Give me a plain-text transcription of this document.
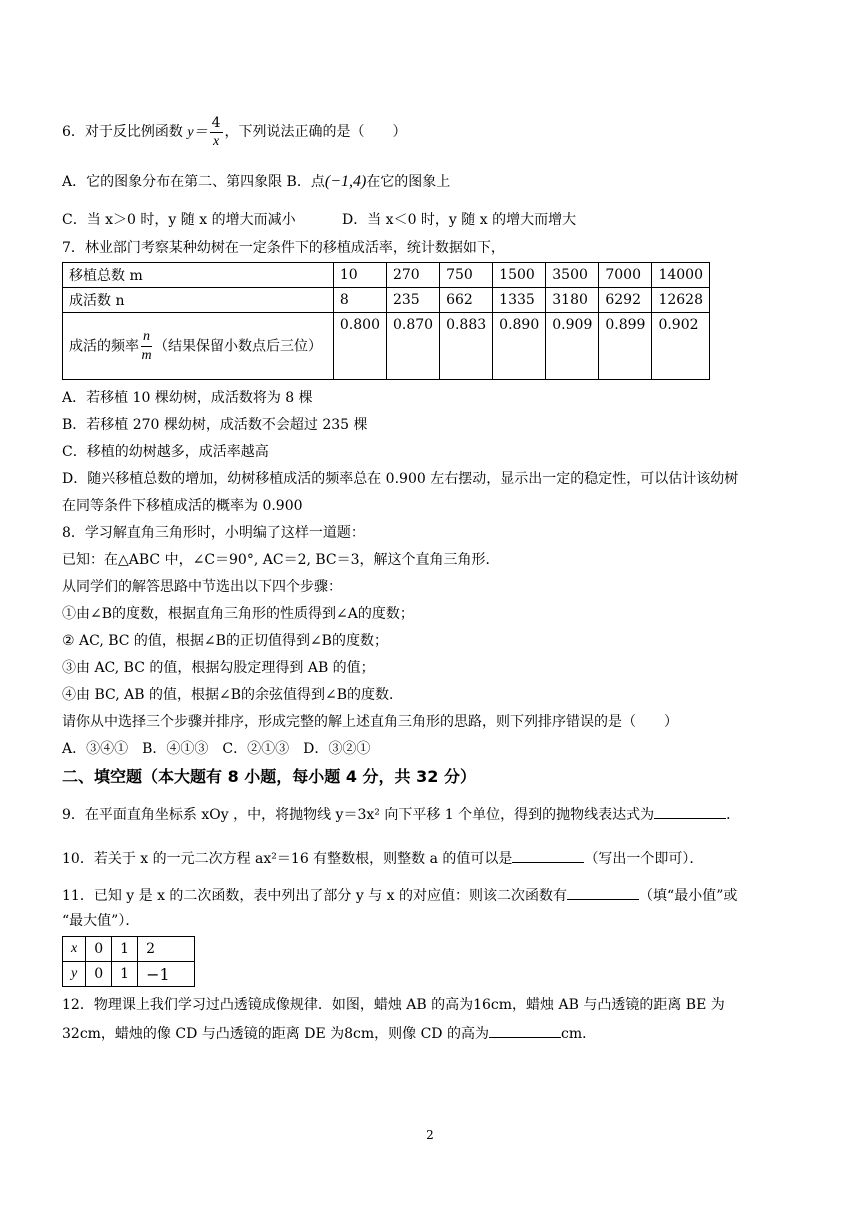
6．对于反比例函数 $y= \frac{4}{x}$ ，下列说法正确的是（　　）
A．它的图象分布在第二、第四象限 B．点(−1,4)在它的图象上
C．当 x＞0 时，y 随 x 的增大而减小	D．当 x＜0 时，y 随 x 的增大而增大
7．林业部门考察某种幼树在一定条件下的移植成活率，统计数据如下，
移植总数 m	10	270	750	1500	3500	7000	14000
成活数 n	8	235	662	1335	3180	6292	12628
成活的频率 $\frac{n}{m}$ （结果保留小数点后三位）	0.800	0.870	0.883	0.890	0.909	0.899	0.902
A．若移植 10 棵幼树，成活数将为 8 棵
B．若移植 270 棵幼树，成活数不会超过 235 棵
C．移植的幼树越多，成活率越高
D．随兴移植总数的增加，幼树移植成活的频率总在 0.900 左右摆动，显示出一定的稳定性，可以估计该幼树
在同等条件下移植成活的概率为 0.900
8．学习解直角三角形时，小明编了这样一道题：
已知：在△ABC 中，∠C＝90°, AC＝2, BC＝3，解这个直角三角形．
从同学们的解答思路中节选出以下四个步骤：
①由∠B的度数，根据直角三角形的性质得到∠A的度数；
② AC, BC 的值，根据∠B的正切值得到∠B的度数；
③由 AC, BC 的值，根据勾股定理得到 AB 的值；
④由 BC, AB 的值，根据∠B的余弦值得到∠B的度数．
请你从中选择三个步骤并排序，形成完整的解上述直角三角形的思路，则下列排序错误的是（　　）
A．③④①　B．④①③　C．②①③　D．③②①
二、填空题（本大题有 8 小题，每小题 4 分，共 32 分）
9．在平面直角坐标系 xOy ，中，将抛物线 y＝3x² 向下平移 1 个单位，得到的抛物线表达式为	．
10．若关于 x 的一元二次方程 ax²＝16 有整数根，则整数 a 的值可以是	（写出一个即可）．
11．已知 y 是 x 的二次函数，表中列出了部分 y 与 x 的对应值：则该二次函数有	（填“最小值”或
“最大值”）．
x	0	1	2
y	0	1	−1
12．物理课上我们学习过凸透镜成像规律．如图，蜡烛 AB 的高为16cm，蜡烛 AB 与凸透镜的距离 BE 为
32cm，蜡烛的像 CD 与凸透镜的距离 DE 为8cm，则像 CD 的高为	cm．
2
